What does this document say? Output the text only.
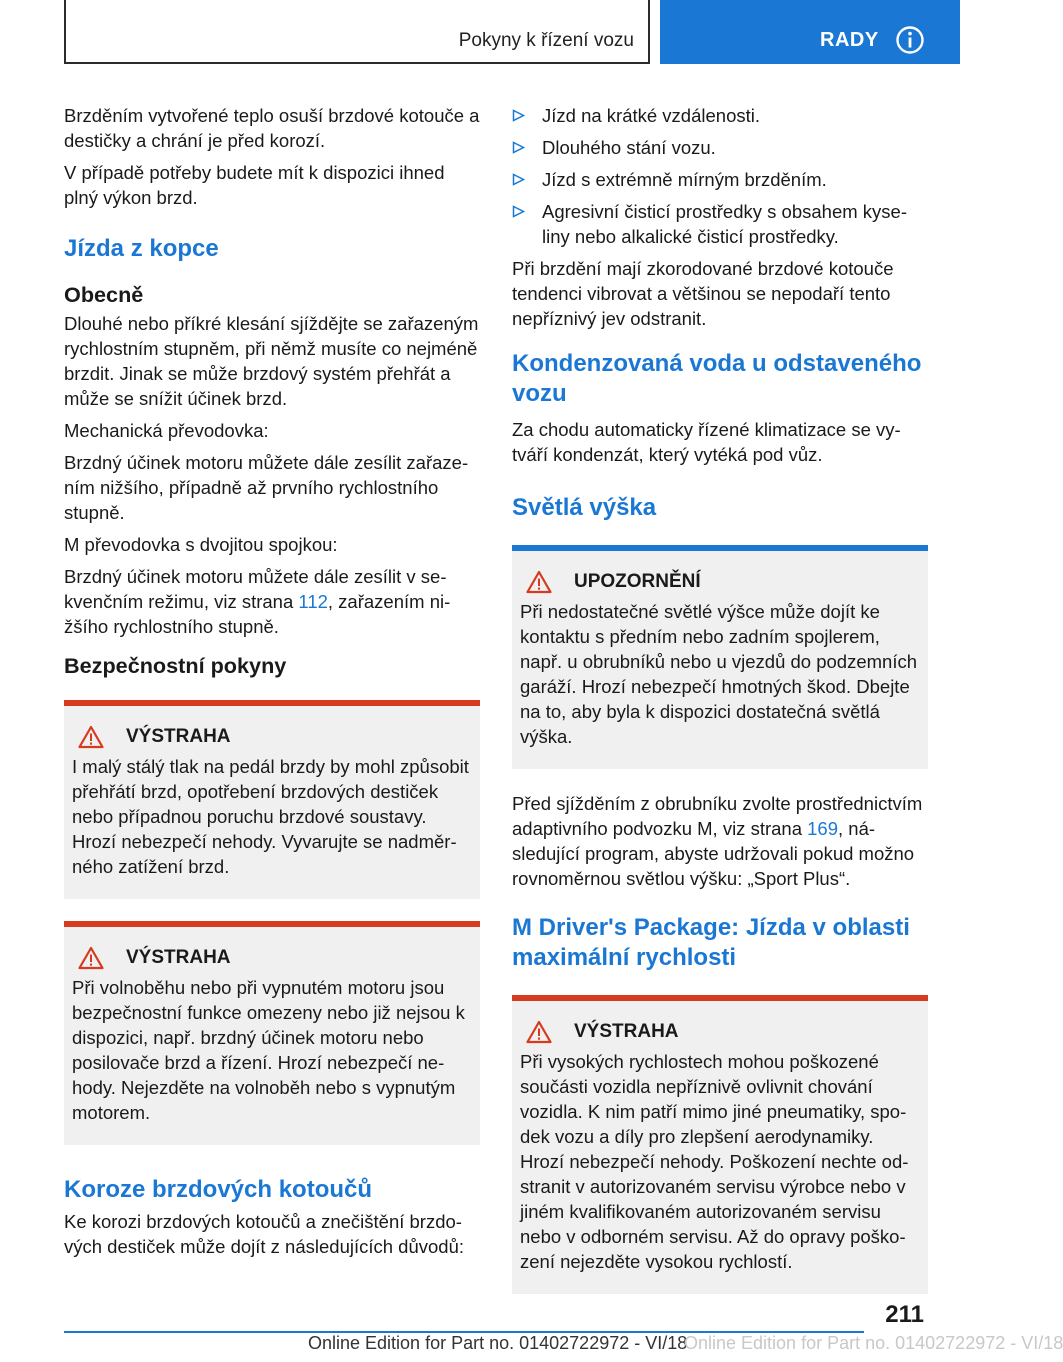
Pokyny k řízení vozu	RADY

Brzděním vytvořené teplo osuší brzdové kotouče a destičky a chrání je před korozí.

V případě potřeby budete mít k dispozici ihned plný výkon brzd.

Jízda z kopce
Obecně

Dlouhé nebo příkré klesání sjíždějte se zařazeným rychlostním stupněm, při němž musíte co nejméně brzdit. Jinak se může brzdový systém přehřát a může se snížit účinek brzd.

Mechanická převodovka:

Brzdný účinek motoru můžete dále zesílit zařazením nižšího, případně až prvního rychlostního stupně.

M převodovka s dvojitou spojkou:

Brzdný účinek motoru můžete dále zesílit v sekvenčním režimu, viz strana 112, zařazením nižšího rychlostního stupně.

Bezpečnostní pokyny
VÝSTRAHA

I malý stálý tlak na pedál brzdy by mohl způsobit přehřátí brzd, opotřebení brzdových destiček nebo případnou poruchu brzdové soustavy. Hrozí nebezpečí nehody. Vyvarujte se nadměrného zatížení brzd.

VÝSTRAHA

Při volnoběhu nebo při vypnutém motoru jsou bezpečnostní funkce omezeny nebo již nejsou k dispozici, např. brzdný účinek motoru nebo posilovače brzd a řízení. Hrozí nebezpečí nehody. Nejezděte na volnoběh nebo s vypnutým motorem.

Koroze brzdových kotoučů

Ke korozi brzdových kotoučů a znečištění brzdových destiček může dojít z následujících důvodů:

Jízd na krátké vzdálenosti.
Dlouhého stání vozu.
Jízd s extrémně mírným brzděním.
Agresivní čisticí prostředky s obsahem kyseliny nebo alkalické čisticí prostředky.

Při brzdění mají zkorodované brzdové kotouče tendenci vibrovat a většinou se nepodaří tento nepříznivý jev odstranit.

Kondenzovaná voda u odstaveného vozu

Za chodu automaticky řízené klimatizace se vytváří kondenzát, který vytéká pod vůz.

Světlá výška
UPOZORNĚNÍ

Při nedostatečné světlé výšce může dojít ke kontaktu s předním nebo zadním spojlerem, např. u obrubníků nebo u vjezdů do podzemních garáží. Hrozí nebezpečí hmotných škod. Dbejte na to, aby byla k dispozici dostatečná světlá výška.

Před sjížděním z obrubníku zvolte prostřednictvím adaptivního podvozku M, viz strana 169, následující program, abyste udržovali pokud možno rovnoměrnou světlou výšku: „Sport Plus“.

M Driver's Package: Jízda v oblasti maximální rychlosti
VÝSTRAHA

Při vysokých rychlostech mohou poškozené součásti vozidla nepříznivě ovlivnit chování vozidla. K nim patří mimo jiné pneumatiky, spodek vozu a díly pro zlepšení aerodynamiky. Hrozí nebezpečí nehody. Poškození nechte odstranit v autorizovaném servisu výrobce nebo v jiném kvalifikovaném autorizovaném servisu nebo v odborném servisu. Až do opravy poškození nejezděte vysokou rychlostí.

211
Online Edition for Part no. 01402722972 - VI/18
Online Edition for Part no. 01402722972 - VI/18
